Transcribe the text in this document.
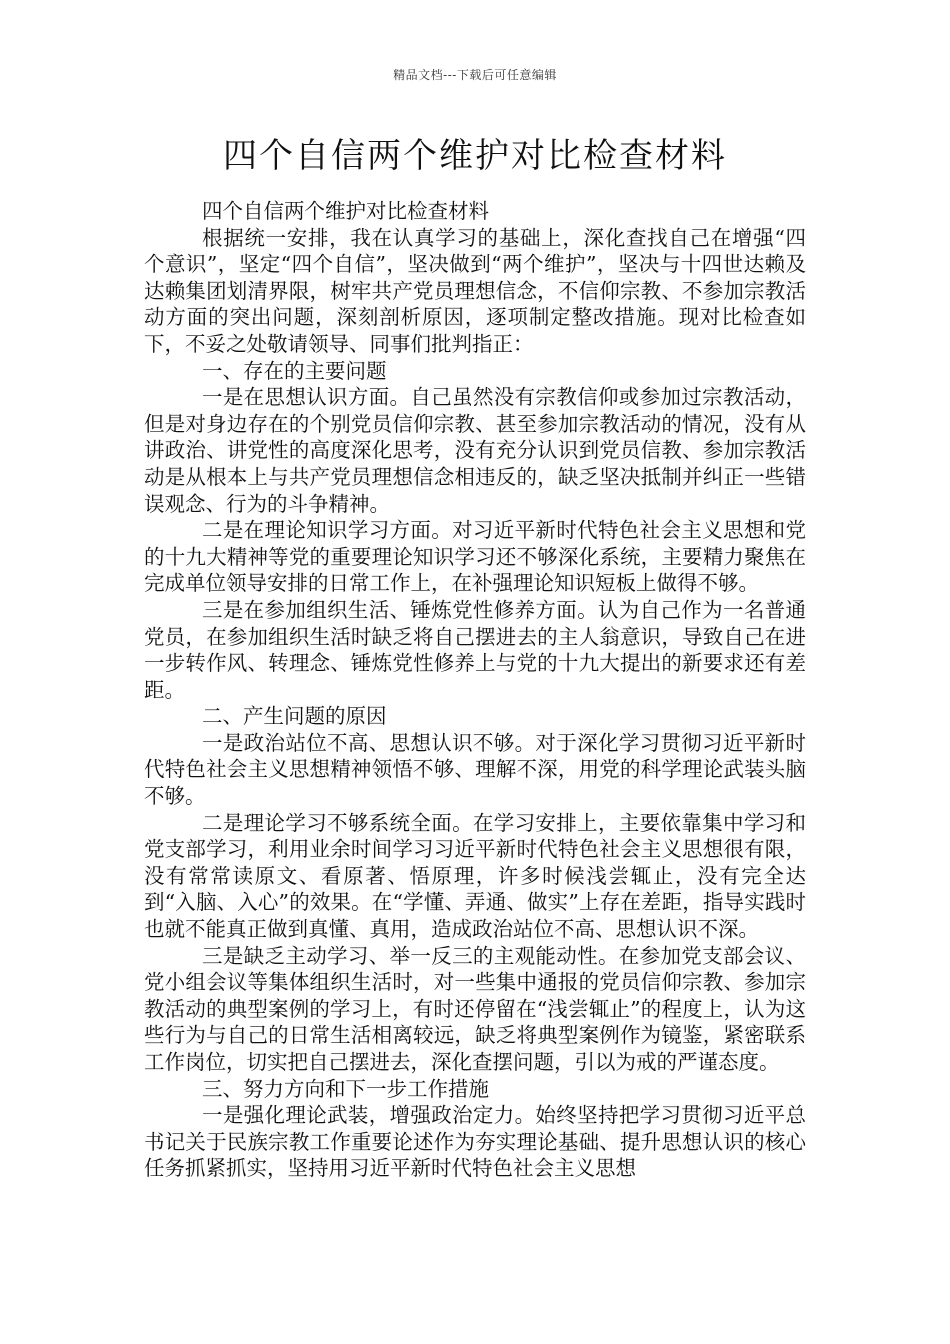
精品文档---下载后可任意编辑
四个自信两个维护对比检查材料

四个自信两个维护对比检查材料

根据统一安排，我在认真学习的基础上，深化查找自己在增强“四个意识”，坚定“四个自信”，坚决做到“两个维护”，坚决与十四世达赖及达赖集团划清界限，树牢共产党员理想信念，不信仰宗教、不参加宗教活动方面的突出问题，深刻剖析原因，逐项制定整改措施。现对比检查如下，不妥之处敬请领导、同事们批判指正：

一、存在的主要问题

一是在思想认识方面。自己虽然没有宗教信仰或参加过宗教活动，但是对身边存在的个别党员信仰宗教、甚至参加宗教活动的情况，没有从讲政治、讲党性的高度深化思考，没有充分认识到党员信教、参加宗教活动是从根本上与共产党员理想信念相违反的，缺乏坚决抵制并纠正一些错误观念、行为的斗争精神。

二是在理论知识学习方面。对习近平新时代特色社会主义思想和党的十九大精神等党的重要理论知识学习还不够深化系统，主要精力聚焦在完成单位领导安排的日常工作上，在补强理论知识短板上做得不够。

三是在参加组织生活、锤炼党性修养方面。认为自己作为一名普通党员，在参加组织生活时缺乏将自己摆进去的主人翁意识，导致自己在进一步转作风、转理念、锤炼党性修养上与党的十九大提出的新要求还有差距。

二、产生问题的原因

一是政治站位不高、思想认识不够。对于深化学习贯彻习近平新时代特色社会主义思想精神领悟不够、理解不深，用党的科学理论武装头脑不够。

二是理论学习不够系统全面。在学习安排上，主要依靠集中学习和党支部学习，利用业余时间学习习近平新时代特色社会主义思想很有限，没有常常读原文、看原著、悟原理，许多时候浅尝辄止，没有完全达到“入脑、入心”的效果。在“学懂、弄通、做实”上存在差距，指导实践时也就不能真正做到真懂、真用，造成政治站位不高、思想认识不深。

三是缺乏主动学习、举一反三的主观能动性。在参加党支部会议、党小组会议等集体组织生活时，对一些集中通报的党员信仰宗教、参加宗教活动的典型案例的学习上，有时还停留在“浅尝辄止”的程度上，认为这些行为与自己的日常生活相离较远，缺乏将典型案例作为镜鉴，紧密联系工作岗位，切实把自己摆进去，深化查摆问题，引以为戒的严谨态度。

三、努力方向和下一步工作措施

一是强化理论武装，增强政治定力。始终坚持把学习贯彻习近平总书记关于民族宗教工作重要论述作为夯实理论基础、提升思想认识的核心任务抓紧抓实，坚持用习近平新时代特色社会主义思想
